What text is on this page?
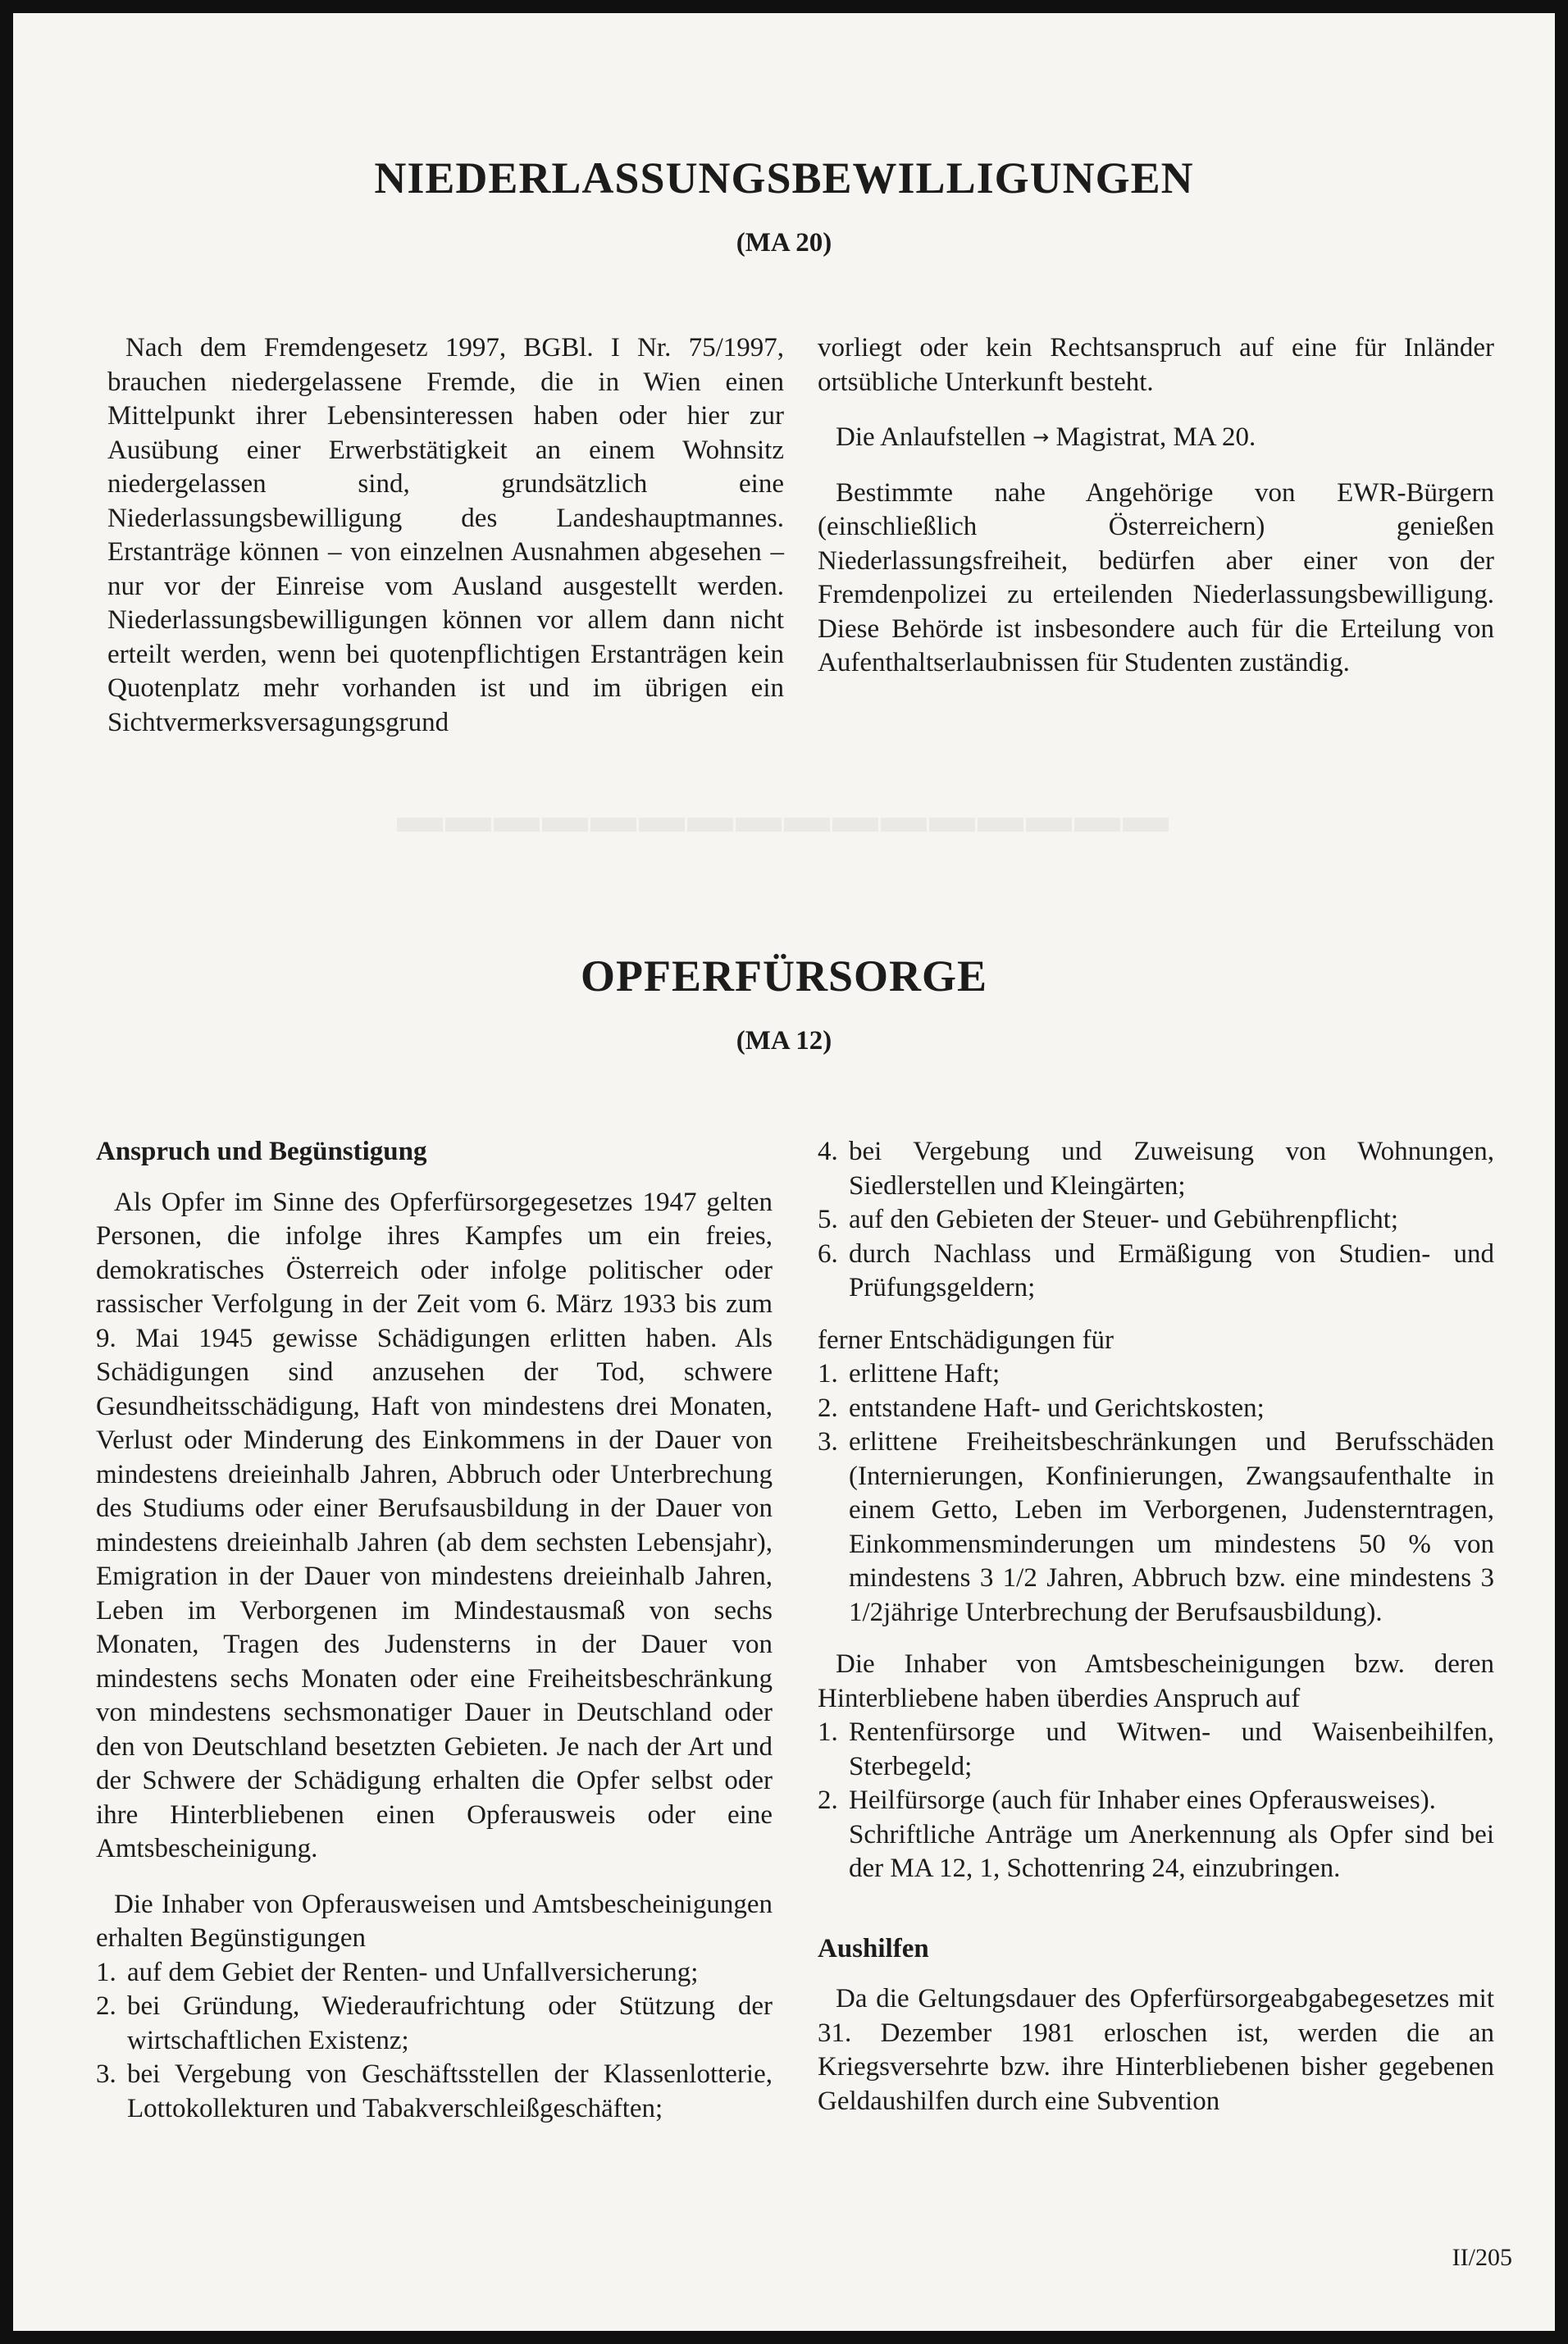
▬▬▬▬▬▬▬▬▬▬▬▬▬▬▬▬
NIEDERLASSUNGSBEWILLIGUNGEN
(MA 20)

Nach dem Fremdengesetz 1997, BGBl. I Nr. 75/1997, brauchen niedergelassene Fremde, die in Wien einen Mittelpunkt ihrer Lebensinteressen haben oder hier zur Ausübung einer Erwerbstätigkeit an einem Wohnsitz niedergelassen sind, grundsätzlich eine Niederlassungsbewilligung des Landeshauptmannes. Erstanträge können – von einzelnen Ausnahmen abgesehen – nur vor der Einreise vom Ausland ausgestellt werden. Niederlassungsbewilligungen können vor allem dann nicht erteilt werden, wenn bei quotenpflichtigen Erstanträgen kein Quotenplatz mehr vorhanden ist und im übrigen ein Sichtvermerksversagungsgrund

vorliegt oder kein Rechtsanspruch auf eine für Inländer ortsübliche Unterkunft besteht.

Die Anlaufstellen → Magistrat, MA 20.

Bestimmte nahe Angehörige von EWR-Bürgern (einschließlich Österreichern) genießen Niederlassungsfreiheit, bedürfen aber einer von der Fremdenpolizei zu erteilenden Niederlassungsbewilligung. Diese Behörde ist insbesondere auch für die Erteilung von Aufenthaltserlaubnissen für Studenten zuständig.

OPFERFÜRSORGE
(MA 12)
Anspruch und Begünstigung

Als Opfer im Sinne des Opferfürsorgegesetzes 1947 gelten Personen, die infolge ihres Kampfes um ein freies, demokratisches Österreich oder infolge politischer oder rassischer Verfolgung in der Zeit vom 6. März 1933 bis zum 9. Mai 1945 gewisse Schädigungen erlitten haben. Als Schädigungen sind anzusehen der Tod, schwere Gesundheitsschädigung, Haft von mindestens drei Monaten, Verlust oder Minderung des Einkommens in der Dauer von mindestens dreieinhalb Jahren, Abbruch oder Unterbrechung des Studiums oder einer Berufsausbildung in der Dauer von mindestens dreieinhalb Jahren (ab dem sechsten Lebensjahr), Emigration in der Dauer von mindestens dreieinhalb Jahren, Leben im Verborgenen im Mindestausmaß von sechs Monaten, Tragen des Judensterns in der Dauer von mindestens sechs Monaten oder eine Freiheitsbeschränkung von mindestens sechsmonatiger Dauer in Deutschland oder den von Deutschland besetzten Gebieten. Je nach der Art und der Schwere der Schädigung erhalten die Opfer selbst oder ihre Hinterbliebenen einen Opferausweis oder eine Amtsbescheinigung.

Die Inhaber von Opferausweisen und Amtsbescheinigungen erhalten Begünstigungen

1. auf dem Gebiet der Renten- und Unfallversicherung;
2. bei Gründung, Wiederaufrichtung oder Stützung der wirtschaftlichen Existenz;
3. bei Vergebung von Geschäftsstellen der Klassenlotterie, Lottokollekturen und Tabakverschleißgeschäften;
4. bei Vergebung und Zuweisung von Wohnungen, Siedlerstellen und Kleingärten;
5. auf den Gebieten der Steuer- und Gebührenpflicht;
6. durch Nachlass und Ermäßigung von Studien- und Prüfungsgeldern;

ferner Entschädigungen für

1. erlittene Haft;
2. entstandene Haft- und Gerichtskosten;
3. erlittene Freiheitsbeschränkungen und Berufsschäden (Internierungen, Konfinierungen, Zwangsaufenthalte in einem Getto, Leben im Verborgenen, Judensterntragen, Einkommensminderungen um mindestens 50 % von mindestens 3 1/2 Jahren, Abbruch bzw. eine mindestens 3 1/2jährige Unterbrechung der Berufsausbildung).

Die Inhaber von Amtsbescheinigungen bzw. deren Hinterbliebene haben überdies Anspruch auf

1. Rentenfürsorge und Witwen- und Waisenbeihilfen, Sterbegeld;
2. Heilfürsorge (auch für Inhaber eines Opferausweises).

Schriftliche Anträge um Anerkennung als Opfer sind bei der MA 12, 1, Schottenring 24, einzubringen.

Aushilfen

Da die Geltungsdauer des Opferfürsorgeabgabegesetzes mit 31. Dezember 1981 erloschen ist, werden die an Kriegsversehrte bzw. ihre Hinterbliebenen bisher gegebenen Geldaushilfen durch eine Subvention

II/205
